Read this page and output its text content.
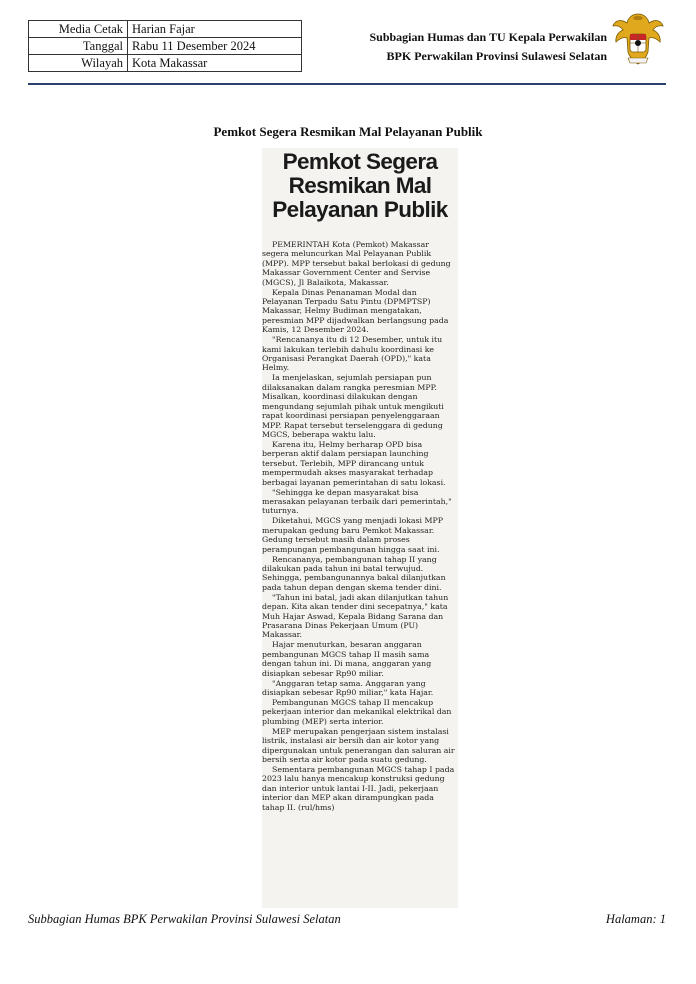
Media Cetak	Harian Fajar
Tanggal	Rabu 11 Desember 2024
Wilayah	Kota Makassar
Subbagian Humas dan TU Kepala Perwakilan
BPK Perwakilan Provinsi Sulawesi Selatan
Pemkot Segera Resmikan Mal Pelayanan Publik
Pemkot Segera
Resmikan Mal
Pelayanan Publik

PEMERINTAH Kota (Pemkot) Makassar segera meluncurkan Mal Pelayanan Publik (MPP). MPP tersebut bakal berlokasi di gedung Makassar Government Center and Servise (MGCS), Jl Balaikota, Makassar.

Kepala Dinas Penanaman Modal dan Pelayanan Terpadu Satu Pintu (DPMPTSP) Makassar, Helmy Budiman mengatakan, peresmian MPP dijadwalkan berlangsung pada Kamis, 12 Desember 2024.

"Rencananya itu di 12 Desember, untuk itu kami lakukan terlebih dahulu koordinasi ke Organisasi Perangkat Daerah (OPD)," kata Helmy.

Ia menjelaskan, sejumlah persiapan pun dilaksanakan dalam rangka peresmian MPP. Misalkan, koordinasi dilakukan dengan mengundang sejumlah pihak untuk mengikuti rapat koordinasi persiapan penyelenggaraan MPP. Rapat tersebut terselenggara di gedung MGCS, beberapa waktu lalu.

Karena itu, Helmy berharap OPD bisa berperan aktif dalam persiapan launching tersebut. Terlebih, MPP dirancang untuk mempermudah akses masyarakat terhadap berbagai layanan pemerintahan di satu lokasi.

"Sehingga ke depan masyarakat bisa merasakan pelayanan terbaik dari pemerintah," tuturnya.

Diketahui, MGCS yang menjadi lokasi MPP merupakan gedung baru Pemkot Makassar. Gedung tersebut masih dalam proses perampungan pembangunan hingga saat ini.

Rencananya, pembangunan tahap II yang dilakukan pada tahun ini batal terwujud. Sehingga, pembangunannya bakal dilanjutkan pada tahun depan dengan skema tender dini.

"Tahun ini batal, jadi akan dilanjutkan tahun depan. Kita akan tender dini secepatnya," kata Muh Hajar Aswad, Kepala Bidang Sarana dan Prasarana Dinas Pekerjaan Umum (PU) Makassar.

Hajar menuturkan, besaran anggaran pembangunan MGCS tahap II masih sama dengan tahun ini. Di mana, anggaran yang disiapkan sebesar Rp90 miliar.

"Anggaran tetap sama. Anggaran yang disiapkan sebesar Rp90 miliar," kata Hajar.

Pembangunan MGCS tahap II mencakup pekerjaan interior dan mekanikal elektrikal dan plumbing (MEP) serta interior.

MEP merupakan pengerjaan sistem instalasi listrik, instalasi air bersih dan air kotor yang dipergunakan untuk penerangan dan saluran air bersih serta air kotor pada suatu gedung.

Sementara pembangunan MGCS tahap I pada 2023 lalu hanya mencakup konstruksi gedung dan interior untuk lantai I-II. Jadi, pekerjaan interior dan MEP akan dirampungkan pada tahap II. (rul/hms)

Subbagian Humas BPK Perwakilan Provinsi Sulawesi Selatan	Halaman: 1
